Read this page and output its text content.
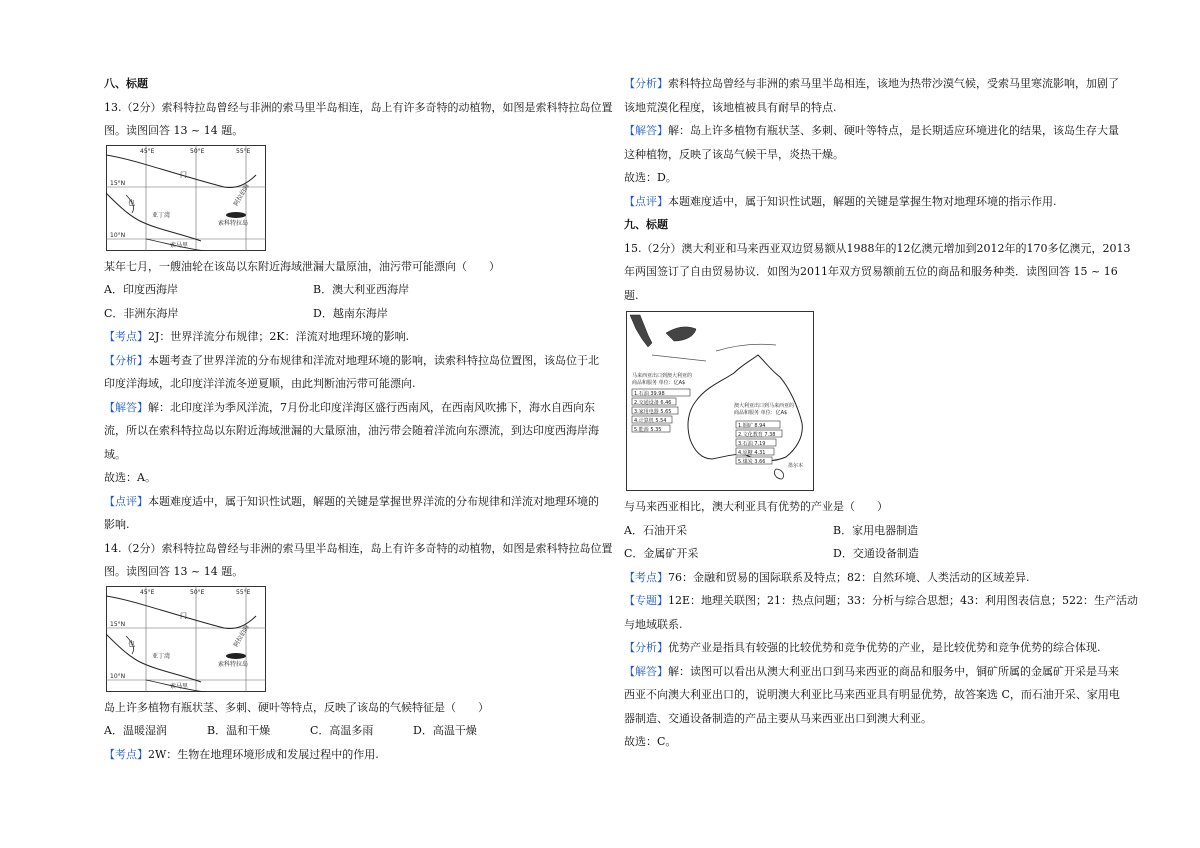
八、标题
13.（2分）索科特拉岛曾经与非洲的索马里半岛相连，岛上有许多奇特的动植物，如图是索科特拉岛位置
图。读图回答 13 ~ 14 题。
45°E	50°E	55°E
15°N
10°N
门
也
亚丁湾
索马里
索科特拉岛
阿拉伯海
某年七月，一艘油轮在该岛以东附近海域泄漏大量原油，油污带可能漂向（　　）
A．印度西海岸	B．澳大利亚西海岸
C．非洲东海岸	D．越南东海岸
【考点】2J：世界洋流分布规律；2K：洋流对地理环境的影响.
【分析】本题考查了世界洋流的分布规律和洋流对地理环境的影响，读索科特拉岛位置图，该岛位于北
印度洋海域，北印度洋洋流冬逆夏顺，由此判断油污带可能漂向.
【解答】解：北印度洋为季风洋流，7月份北印度洋海区盛行西南风，在西南风吹拂下，海水自西向东
流，所以在索科特拉岛以东附近海域泄漏的大量原油，油污带会随着洋流向东漂流，到达印度西海岸海
域。
故选：A。
【点评】本题难度适中，属于知识性试题，解题的关键是掌握世界洋流的分布规律和洋流对地理环境的
影响.
14.（2分）索科特拉岛曾经与非洲的索马里半岛相连，岛上有许多奇特的动植物，如图是索科特拉岛位置
图。读图回答 13 ~ 14 题。
45°E	50°E	55°E
15°N
10°N
门
也
亚丁湾
索马里
索科特拉岛
阿拉伯海
岛上许多植物有瓶状茎、多刺、硬叶等特点，反映了该岛的气候特征是（　　）
A．温暖湿润	B．温和干燥	C．高温多雨	D．高温干燥
【考点】2W：生物在地理环境形成和发展过程中的作用.
【分析】索科特拉岛曾经与非洲的索马里半岛相连，该地为热带沙漠气候，受索马里寒流影响，加剧了
该地荒漠化程度，该地植被具有耐旱的特点.
【解答】解：岛上许多植物有瓶状茎、多刺、硬叶等特点，是长期适应环境进化的结果，该岛生存大量
这种植物，反映了该岛气候干旱，炎热干燥。
故选：D。
【点评】本题难度适中，属于知识性试题，解题的关键是掌握生物对地理环境的指示作用.
九、标题
15.（2分）澳大利亚和马来西亚双边贸易额从1988年的12亿澳元增加到2012年的170多亿澳元，2013
年两国签订了自由贸易协议．如图为2011年双方贸易额前五位的商品和服务种类．读图回答 15 ~ 16
题.
马来西亚出口到澳大利亚的
商品和服务 单位：亿A$
1.石油 39.98
2.交通设备 6.46
3.家用电器 5.65
4.计算机 5.54
5.能源 5.35
澳大利亚出口到马来西亚的
商品和服务 单位：亿A$
1.铜矿 8.94
2.文化教育 7.38
3.石油 7.19
4.原糖 4.31
5.煤炭 3.66
墨尔本
与马来西亚相比，澳大利亚具有优势的产业是（　　）
A．石油开采	B．家用电器制造
C．金属矿开采	D．交通设备制造
【考点】76：金融和贸易的国际联系及特点；82：自然环境、人类活动的区域差异.
【专题】12E：地理关联图；21：热点问题；33：分析与综合思想；43：利用图表信息；522：生产活动
与地域联系.
【分析】优势产业是指具有较强的比较优势和竞争优势的产业，是比较优势和竞争优势的综合体现.
【解答】解：读图可以看出从澳大利亚出口到马来西亚的商品和服务中，铜矿所属的金属矿开采是马来
西亚不向澳大利亚出口的，说明澳大利亚比马来西亚具有明显优势，故答案选 C，而石油开采、家用电
器制造、交通设备制造的产品主要从马来西亚出口到澳大利亚。
故选：C。
